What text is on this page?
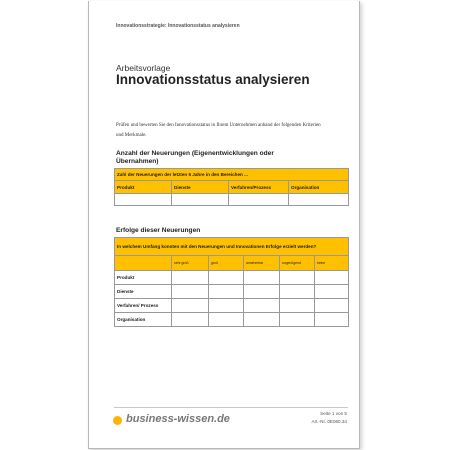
Innovationsstrategie: Innovationsstatus analysieren
Arbeitsvorlage
Innovationsstatus analysieren

Prüfen und bewerten Sie den Innovationsstatus in Ihrem Unternehmen anhand der folgenden Kriterien und Merkmale.

Anzahl der Neuerungen (Eigenentwicklungen oder Übernahmen)
Zahl der Neuerungen der letzten 5 Jahre in den Bereichen ...			
Produkt	Dienste	Verfahren/Prozess	Organisation

Erfolge dieser Neuerungen
In welchem Umfang konnten mit den Neuerungen und Innovationen Erfolge erzielt werden?					
	sehr groß	groß	annehmbar	ungenügend	keine
Produkt					
Dienste					
Verfahren/ Prozess					
Organisation					
business-wissen.de	Seite 1 von 5
Art.-Nr. 0E060.34
